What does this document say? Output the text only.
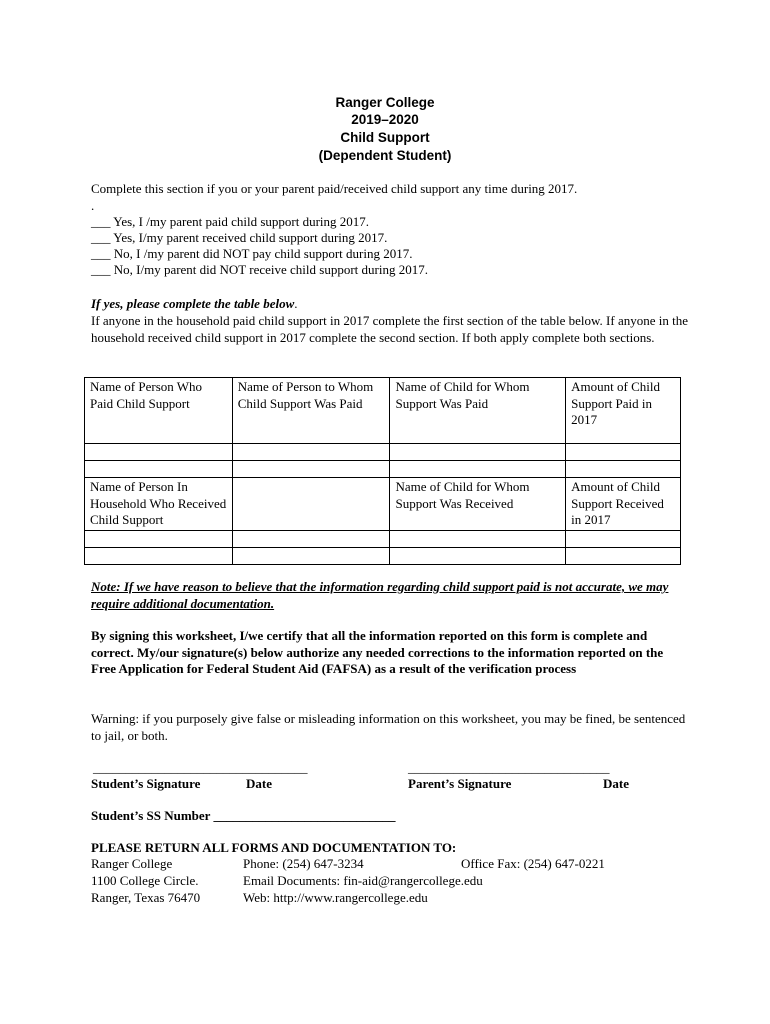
Ranger College
2019–2020
Child Support
(Dependent Student)
Complete this section if you or your parent paid/received child support any time during 2017.
.
___ Yes, I /my parent paid child support during 2017.
___ Yes, I/my parent received child support during 2017.
___ No, I /my parent did NOT pay child support during 2017.
___ No, I/my parent did NOT receive child support during 2017.
If yes, please complete the table below.
If anyone in the household paid child support in 2017 complete the first section of the table below. If anyone in the household received child support in 2017 complete the second section. If both apply complete both sections.
Name of Person Who Paid Child Support	Name of Person to Whom Child Support Was Paid	Name of Child for Whom Support Was Paid	Amount of Child Support Paid in 2017

Name of Person In Household Who Received Child Support		Name of Child for Whom Support Was Received	Amount of Child Support Received in 2017

Note: If we have reason to believe that the information regarding child support paid is not accurate, we may require additional documentation.
By signing this worksheet, I/we certify that all the information reported on this form is complete and correct. My/our signature(s) below authorize any needed corrections to the information reported on the Free Application for Federal Student Aid (FAFSA) as a result of the verification process
Warning: if you purposely give false or misleading information on this worksheet, you may be fined, be sentenced to jail, or both.
_________________________________	_______________________________
Student’s Signature	Date	Parent’s Signature	Date
Student’s SS Number ____________________________
PLEASE RETURN ALL FORMS AND DOCUMENTATION TO:
Ranger College
1100 College Circle.
Ranger, Texas 76470
Phone: (254) 647-3234
Email Documents: fin-aid@rangercollege.edu
Web: http://www.rangercollege.edu
Office Fax: (254) 647-0221
